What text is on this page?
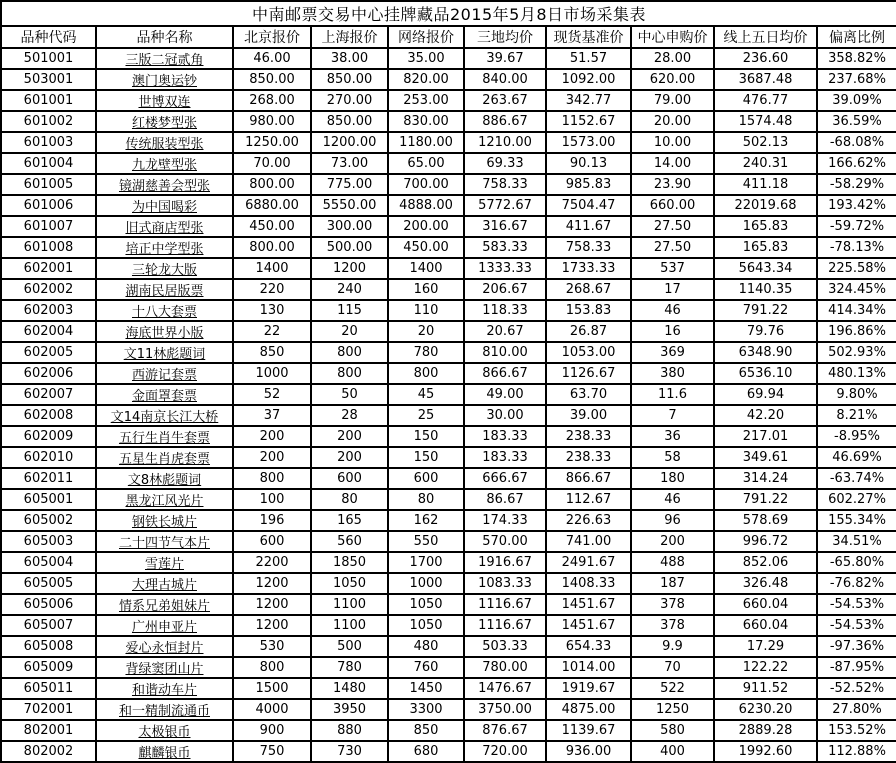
中南邮票交易中心挂牌藏品2015年5月8日市场采集表									
品种代码	品种名称	北京报价	上海报价	网络报价	三地均价	现货基准价	中心申购价	线上五日均价	偏离比例
501001	三版二冠贰角	46.00	38.00	35.00	39.67	51.57	28.00	236.60	358.82%
503001	澳门奥运钞	850.00	850.00	820.00	840.00	1092.00	620.00	3687.48	237.68%
601001	世博双连	268.00	270.00	253.00	263.67	342.77	79.00	476.77	39.09%
601002	红楼梦型张	980.00	850.00	830.00	886.67	1152.67	20.00	1574.48	36.59%
601003	传统服装型张	1250.00	1200.00	1180.00	1210.00	1573.00	10.00	502.13	-68.08%
601004	九龙壁型张	70.00	73.00	65.00	69.33	90.13	14.00	240.31	166.62%
601005	镜湖慈善会型张	800.00	775.00	700.00	758.33	985.83	23.90	411.18	-58.29%
601006	为中国喝彩	6880.00	5550.00	4888.00	5772.67	7504.47	660.00	22019.68	193.42%
601007	旧式商店型张	450.00	300.00	200.00	316.67	411.67	27.50	165.83	-59.72%
601008	培正中学型张	800.00	500.00	450.00	583.33	758.33	27.50	165.83	-78.13%
602001	三轮龙大版	1400	1200	1400	1333.33	1733.33	537	5643.34	225.58%
602002	湖南民居版票	220	240	160	206.67	268.67	17	1140.35	324.45%
602003	十八大套票	130	115	110	118.33	153.83	46	791.22	414.34%
602004	海底世界小版	22	20	20	20.67	26.87	16	79.76	196.86%
602005	文11林彪题词	850	800	780	810.00	1053.00	369	6348.90	502.93%
602006	西游记套票	1000	800	800	866.67	1126.67	380	6536.10	480.13%
602007	金面罩套票	52	50	45	49.00	63.70	11.6	69.94	9.80%
602008	文14南京长江大桥	37	28	25	30.00	39.00	7	42.20	8.21%
602009	五行生肖牛套票	200	200	150	183.33	238.33	36	217.01	-8.95%
602010	五星生肖虎套票	200	200	150	183.33	238.33	58	349.61	46.69%
602011	文8林彪题词	800	600	600	666.67	866.67	180	314.24	-63.74%
605001	黑龙江风光片	100	80	80	86.67	112.67	46	791.22	602.27%
605002	钢铁长城片	196	165	162	174.33	226.63	96	578.69	155.34%
605003	二十四节气本片	600	560	550	570.00	741.00	200	996.72	34.51%
605004	雪莲片	2200	1850	1700	1916.67	2491.67	488	852.06	-65.80%
605005	大理古城片	1200	1050	1000	1083.33	1408.33	187	326.48	-76.82%
605006	情系兄弟姐妹片	1200	1100	1050	1116.67	1451.67	378	660.04	-54.53%
605007	广州申亚片	1200	1100	1050	1116.67	1451.67	378	660.04	-54.53%
605008	爱心永恒封片	530	500	480	503.33	654.33	9.9	17.29	-97.36%
605009	背绿窦团山片	800	780	760	780.00	1014.00	70	122.22	-87.95%
605011	和谐动车片	1500	1480	1450	1476.67	1919.67	522	911.52	-52.52%
702001	和一精制流通币	4000	3950	3300	3750.00	4875.00	1250	6230.20	27.80%
802001	太极银币	900	880	850	876.67	1139.67	580	2889.28	153.52%
802002	麒麟银币	750	730	680	720.00	936.00	400	1992.60	112.88%
